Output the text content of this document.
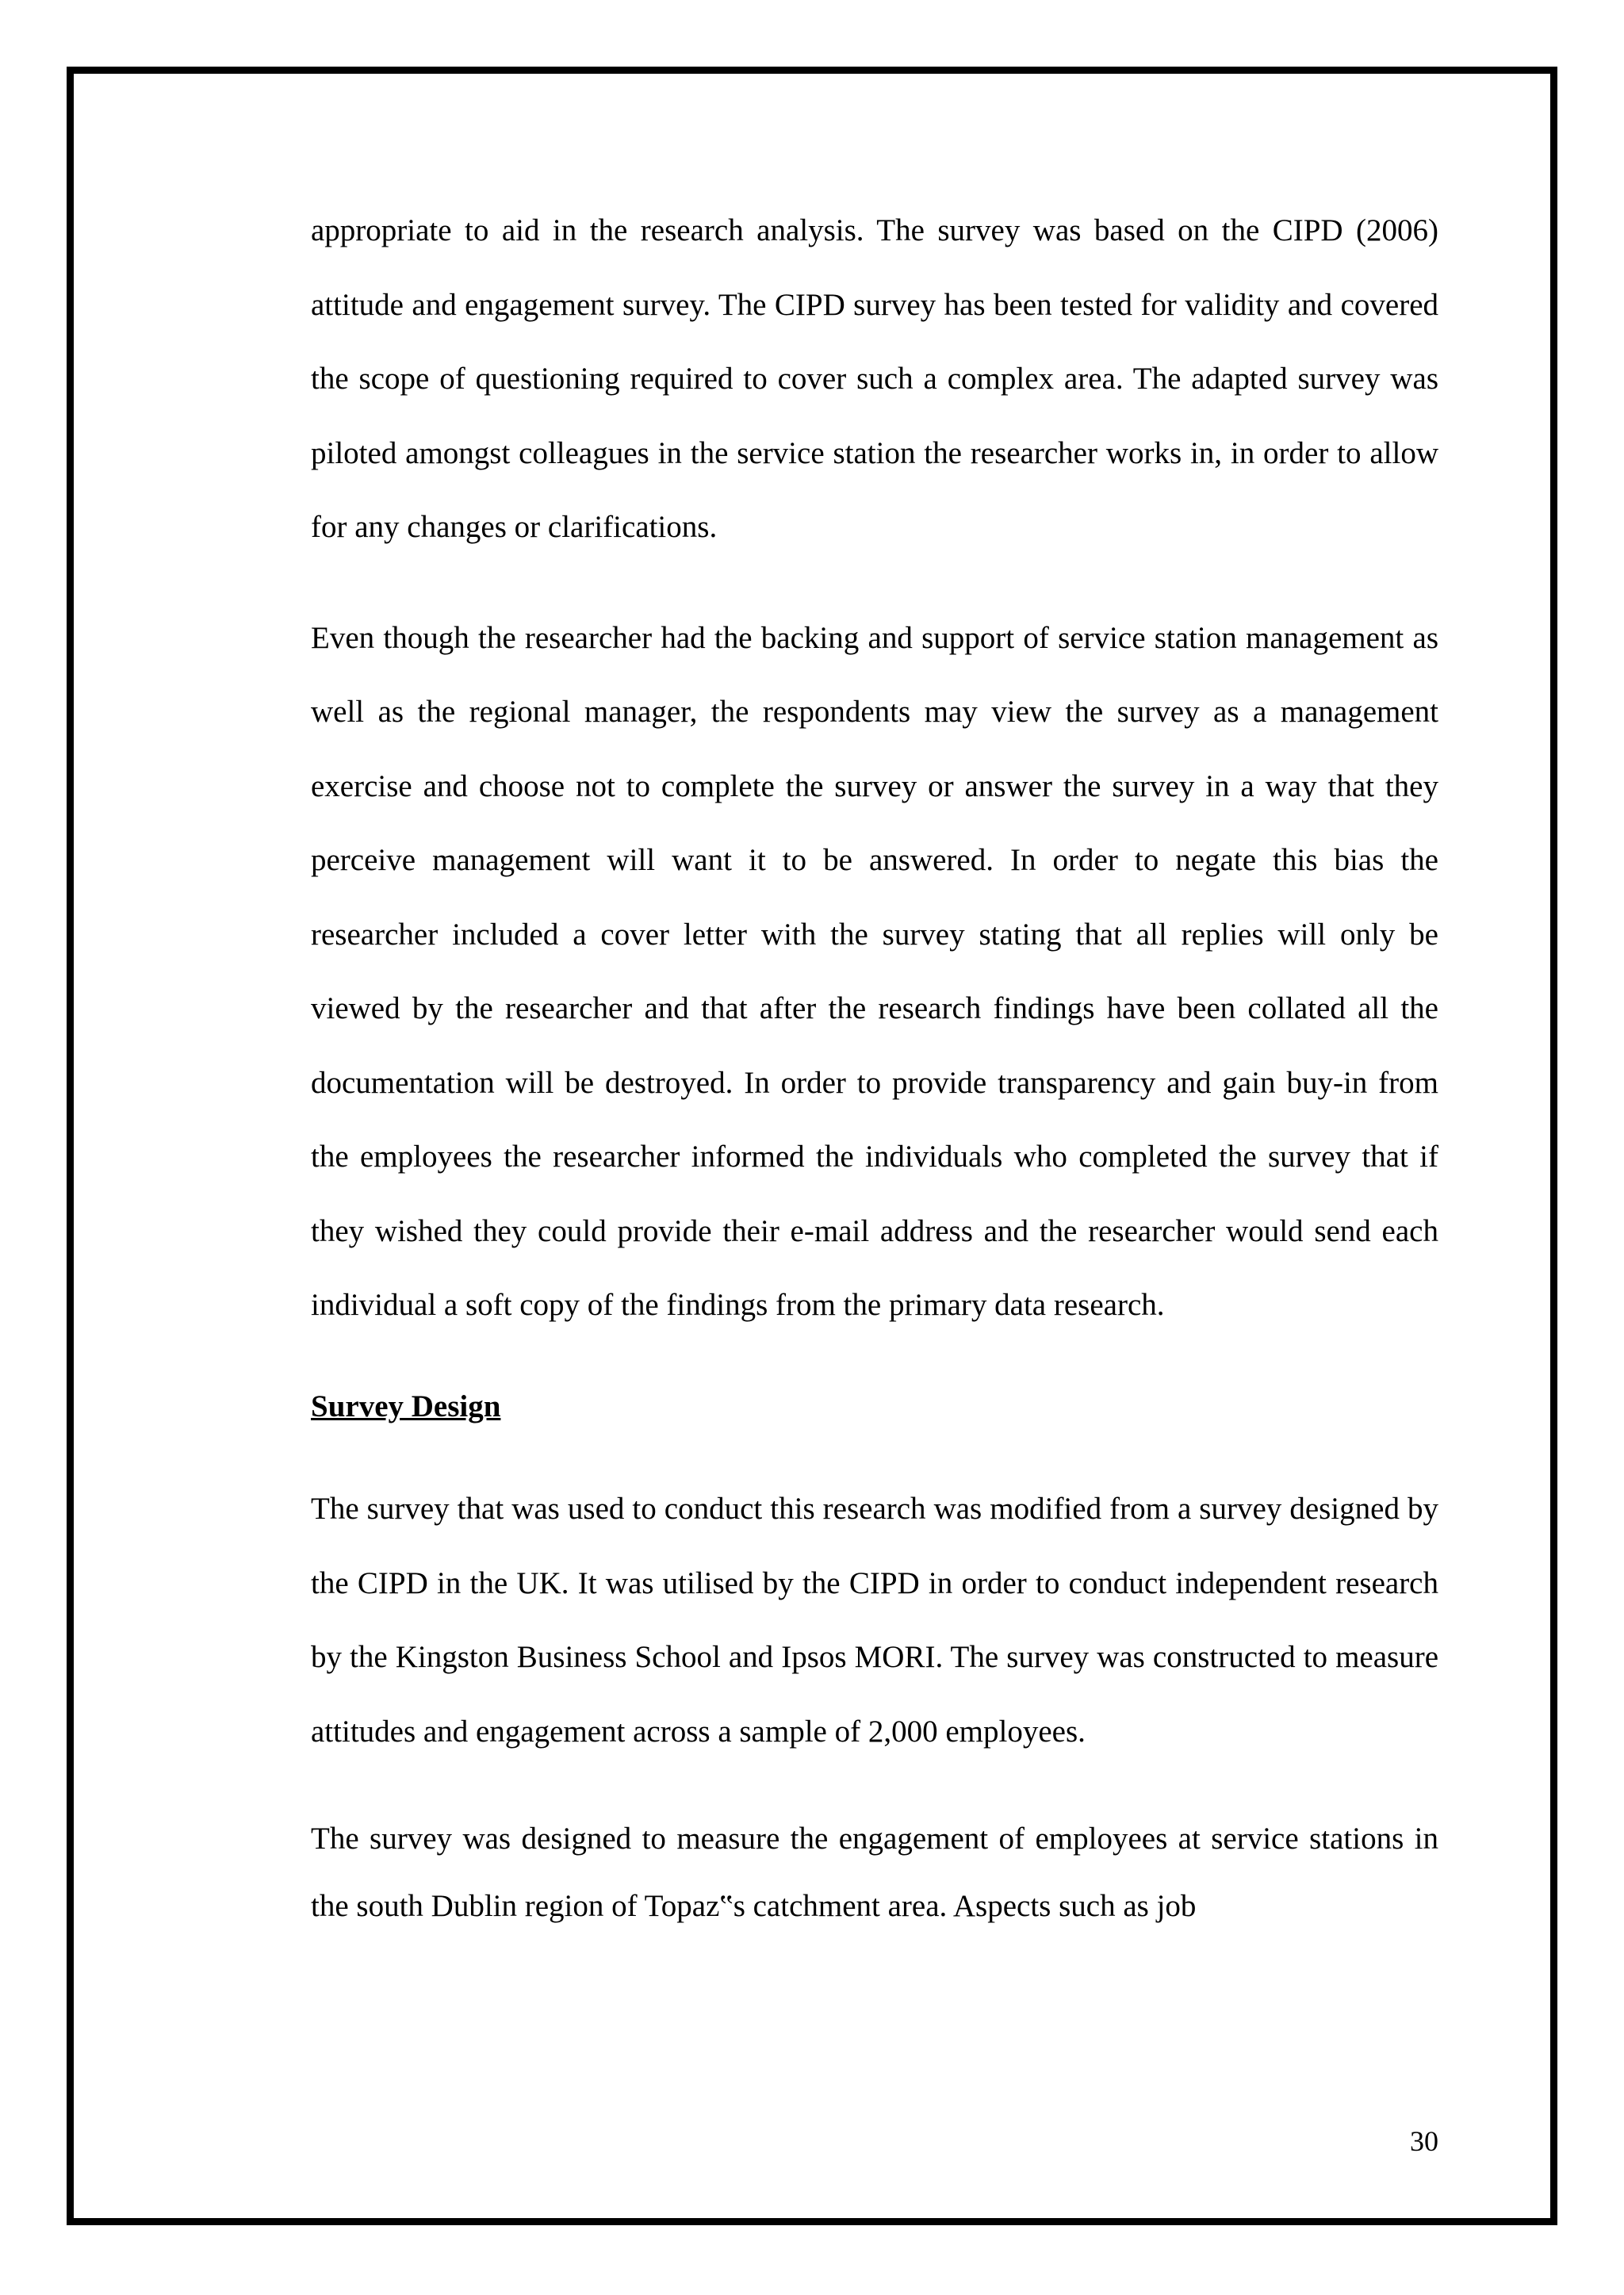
appropriate to aid in the research analysis. The survey was based on the CIPD (2006) attitude and engagement survey. The CIPD survey has been tested for validity and covered the scope of questioning required to cover such a complex area. The adapted survey was piloted amongst colleagues in the service station the researcher works in, in order to allow for any changes or clarifications.

Even though the researcher had the backing and support of service station management as well as the regional manager, the respondents may view the survey as a management exercise and choose not to complete the survey or answer the survey in a way that they perceive management will want it to be answered. In order to negate this bias the researcher included a cover letter with the survey stating that all replies will only be viewed by the researcher and that after the research findings have been collated all the documentation will be destroyed. In order to provide transparency and gain buy-in from the employees the researcher informed the individuals who completed the survey that if they wished they could provide their e-mail address and the researcher would send each individual a soft copy of the findings from the primary data research.

Survey Design

The survey that was used to conduct this research was modified from a survey designed by the CIPD in the UK. It was utilised by the CIPD in order to conduct independent research by the Kingston Business School and Ipsos MORI. The survey was constructed to measure attitudes and engagement across a sample of 2,000 employees.

The survey was designed to measure the engagement of employees at service stations in the south Dublin region of Topaz‟s catchment area. Aspects such as job

30
